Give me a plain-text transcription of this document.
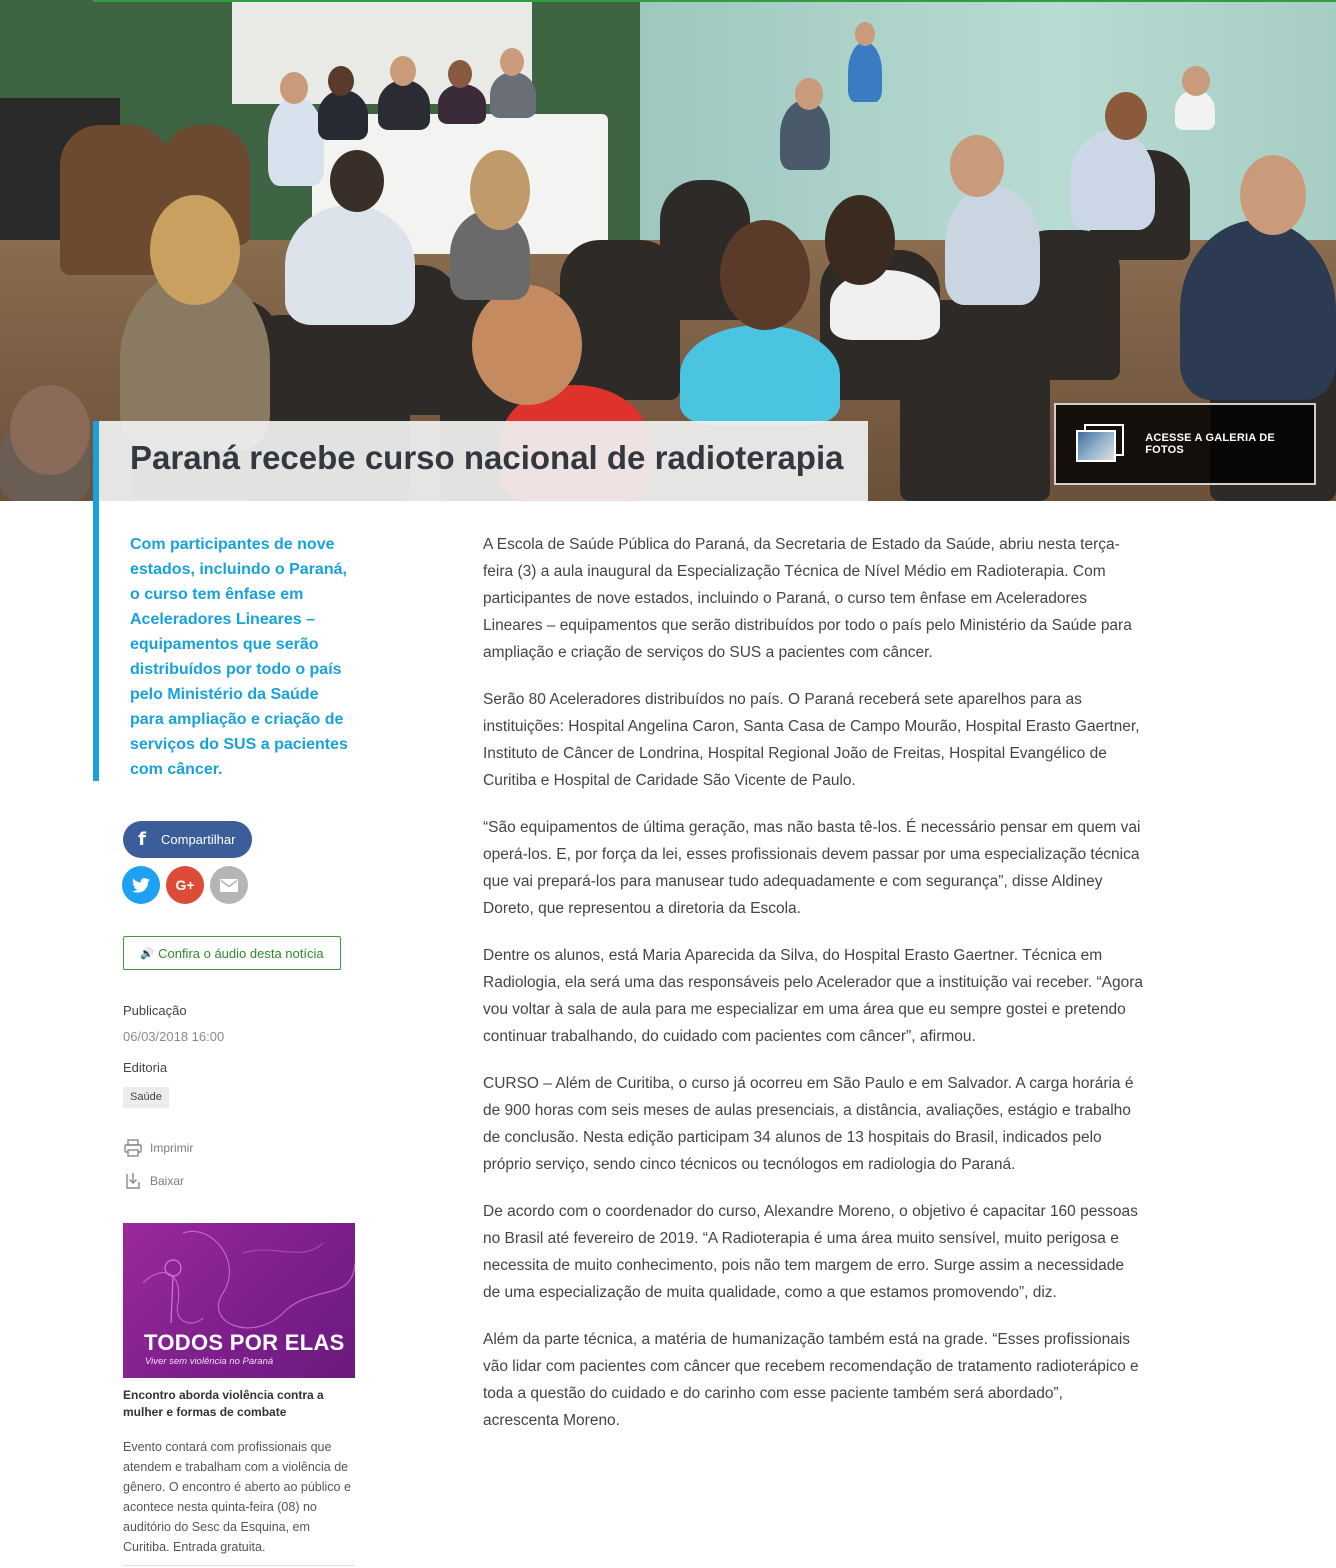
Paraná recebe curso nacional de radioterapia
ACESSE A GALERIA DE FOTOS

Com participantes de nove estados, incluindo o Paraná, o curso tem ênfase em Aceleradores Lineares – equipamentos que serão distribuídos por todo o país pelo Ministério da Saúde para ampliação e criação de serviços do SUS a pacientes com câncer.

f	Compartilhar
G+
🔊 Confira o áudio desta notícia
Publicação
06/03/2018 16:00
Editoria
Saúde
Imprimir
Baixar
TODOS POR ELAS
Viver sem violência no Paraná

Encontro aborda violência contra a mulher e formas de combate

Evento contará com profissionais que atendem e trabalham com a violência de gênero. O encontro é aberto ao público e acontece nesta quinta-feira (08) no auditório do Sesc da Esquina, em Curitiba. Entrada gratuita.

A Escola de Saúde Pública do Paraná, da Secretaria de Estado da Saúde, abriu nesta terça-feira (3) a aula inaugural da Especialização Técnica de Nível Médio em Radioterapia. Com participantes de nove estados, incluindo o Paraná, o curso tem ênfase em Aceleradores Lineares – equipamentos que serão distribuídos por todo o país pelo Ministério da Saúde para ampliação e criação de serviços do SUS a pacientes com câncer.

Serão 80 Aceleradores distribuídos no país. O Paraná receberá sete aparelhos para as instituições: Hospital Angelina Caron, Santa Casa de Campo Mourão, Hospital Erasto Gaertner, Instituto de Câncer de Londrina, Hospital Regional João de Freitas, Hospital Evangélico de Curitiba e Hospital de Caridade São Vicente de Paulo.

“São equipamentos de última geração, mas não basta tê-los. É necessário pensar em quem vai operá-los. E, por força da lei, esses profissionais devem passar por uma especialização técnica que vai prepará-los para manusear tudo adequadamente e com segurança”, disse Aldiney Doreto, que representou a diretoria da Escola.

Dentre os alunos, está Maria Aparecida da Silva, do Hospital Erasto Gaertner. Técnica em Radiologia, ela será uma das responsáveis pelo Acelerador que a instituição vai receber. “Agora vou voltar à sala de aula para me especializar em uma área que eu sempre gostei e pretendo continuar trabalhando, do cuidado com pacientes com câncer”, afirmou.

CURSO – Além de Curitiba, o curso já ocorreu em São Paulo e em Salvador. A carga horária é de 900 horas com seis meses de aulas presenciais, a distância, avaliações, estágio e trabalho de conclusão. Nesta edição participam 34 alunos de 13 hospitais do Brasil, indicados pelo próprio serviço, sendo cinco técnicos ou tecnólogos em radiologia do Paraná.

De acordo com o coordenador do curso, Alexandre Moreno, o objetivo é capacitar 160 pessoas no Brasil até fevereiro de 2019. “A Radioterapia é uma área muito sensível, muito perigosa e necessita de muito conhecimento, pois não tem margem de erro. Surge assim a necessidade de uma especialização de muita qualidade, como a que estamos promovendo”, diz.

Além da parte técnica, a matéria de humanização também está na grade. “Esses profissionais vão lidar com pacientes com câncer que recebem recomendação de tratamento radioterápico e toda a questão do cuidado e do carinho com esse paciente também será abordado”, acrescenta Moreno.
